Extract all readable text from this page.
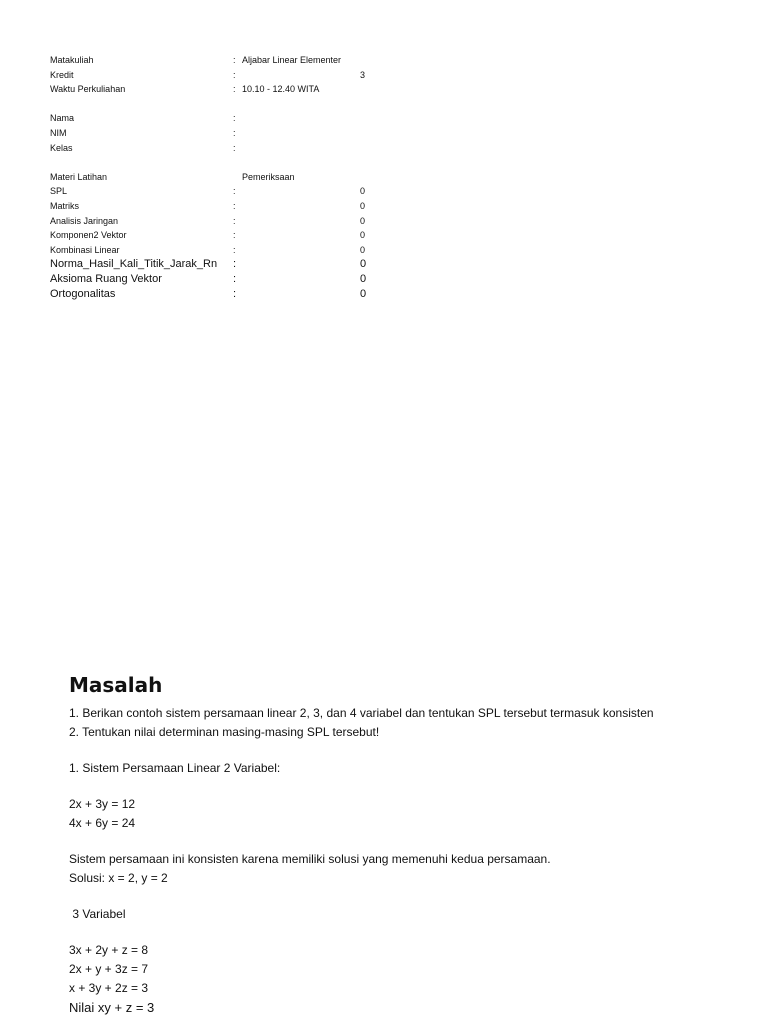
Matakuliah	: Aljabar Linear Elementer
Kredit	:	3
Waktu Perkuliahan	: 10.10 - 12.40 WITA
Nama	:
NIM	:
Kelas	:
Materi Latihan	Pemeriksaan
SPL	:	0
Matriks	:	0
Analisis Jaringan	:	0
Komponen2 Vektor	:	0
Kombinasi Linear	:	0
Norma_Hasil_Kali_Titik_Jarak_Rn :	0
Aksioma Ruang Vektor	:	0
Ortogonalitas	:	0
Masalah

1. Berikan contoh sistem persamaan linear 2, 3, dan 4 variabel dan tentukan SPL tersebut termasuk konsisten

2. Tentukan nilai determinan masing-masing SPL tersebut!

1. Sistem Persamaan Linear 2 Variabel:

2x + 3y = 12

4x + 6y = 24

Sistem persamaan ini konsisten karena memiliki solusi yang memenuhi kedua persamaan.

Solusi: x = 2, y = 2

3 Variabel

3x + 2y + z = 8

2x + y + 3z = 7

x + 3y + 2z = 3

Nilai xy + z = 3
